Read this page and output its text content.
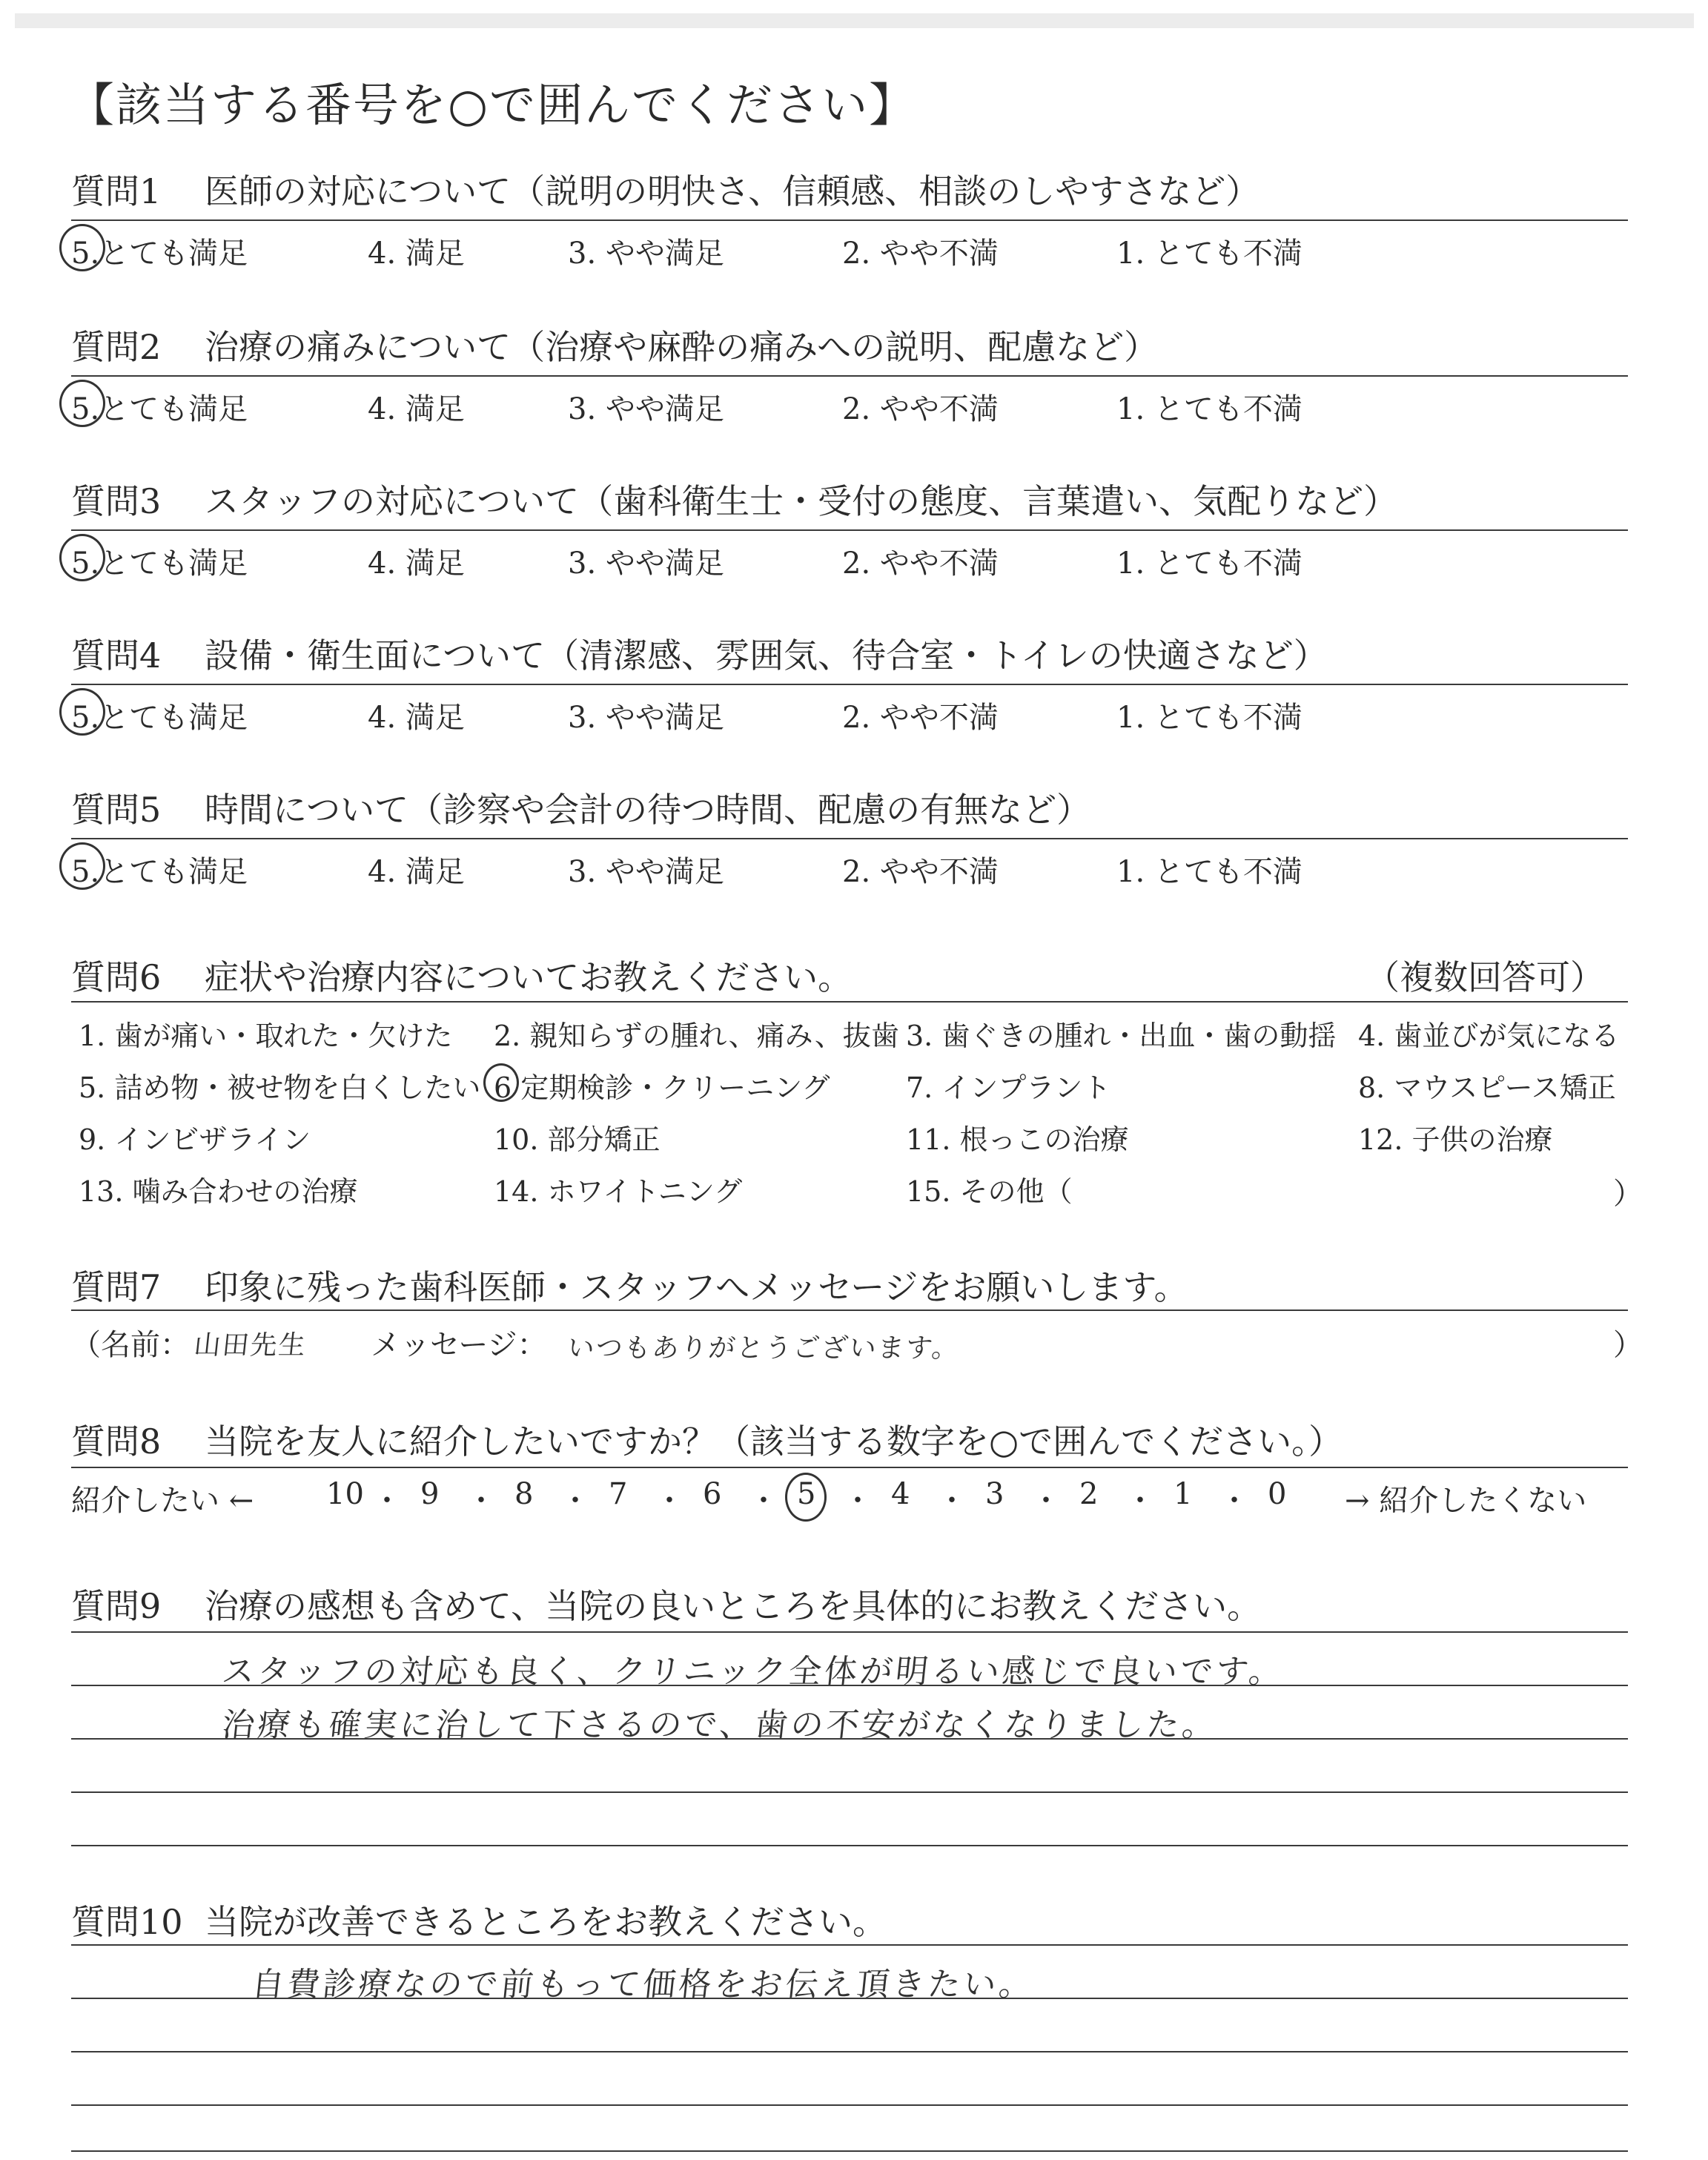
【該当する番号を○で囲んでください】
質問1 医師の対応について（説明の明快さ、信頼感、相談のしやすさなど）
5.とても満足	4. 満足	3. やや満足	2. やや不満	1. とても不満
質問2 治療の痛みについて（治療や麻酔の痛みへの説明、配慮など）
5.とても満足	4. 満足	3. やや満足	2. やや不満	1. とても不満
質問3 スタッフの対応について（歯科衛生士・受付の態度、言葉遣い、気配りなど）
5.とても満足	4. 満足	3. やや満足	2. やや不満	1. とても不満
質問4 設備・衛生面について（清潔感、雰囲気、待合室・トイレの快適さなど）
5.とても満足	4. 満足	3. やや満足	2. やや不満	1. とても不満
質問5 時間について（診察や会計の待つ時間、配慮の有無など）
5.とても満足	4. 満足	3. やや満足	2. やや不満	1. とても不満
質問6 症状や治療内容についてお教えください。	（複数回答可）
1. 歯が痛い・取れた・欠けた 2. 親知らずの腫れ、痛み、抜歯 3. 歯ぐきの腫れ・出血・歯の動揺 4. 歯並びが気になる
5. 詰め物・被せ物を白くしたい 6 定期検診・クリーニング	7. インプラント	8. マウスピース矯正
9. インビザライン	10. 部分矯正	11. 根っこの治療	12. 子供の治療
13. 噛み合わせの治療	14. ホワイトニング	15. その他（	）
質問7 印象に残った歯科医師・スタッフへメッセージをお願いします。
（名前： 山田先生 メッセージ： いつもありがとうございます。	）
質問8 当院を友人に紹介したいですか？（該当する数字を○で囲んでください。）
紹介したい ←	→ 紹介したくない
10 ・ 9 ・ 8 ・ 7 ・ 6 ・ 5 ・ 4 ・ 3 ・ 2 ・ 1 ・ 0
質問9 治療の感想も含めて、当院の良いところを具体的にお教えください。
スタッフの対応も良く、クリニック全体が明るい感じで良いです。
治療も確実に治して下さるので、歯の不安がなくなりました。
質問10 当院が改善できるところをお教えください。
自費診療なので前もって価格をお伝え頂きたい。
